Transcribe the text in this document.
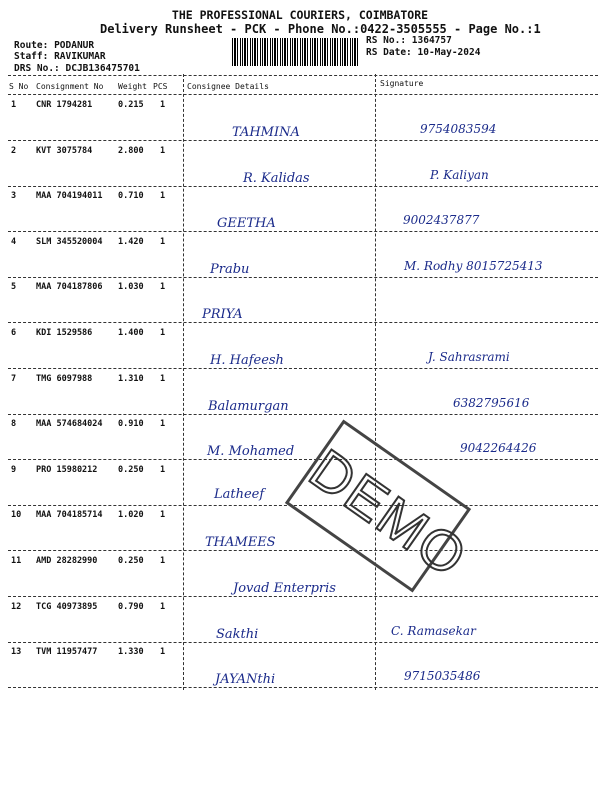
THE PROFESSIONAL COURIERS, COIMBATORE
Delivery Runsheet - PCK - Phone No.:0422-3505555 - Page No.:1
Route: PODANUR
Staff: RAVIKUMAR
DRS No.: DCJB136475701
RS No.: 1364757
RS Date: 10-May-2024
S No Consignment No Weight PCS Consignee Details	Signature
1 CNR 1794281	0.215 1
TAHMINA	9754083594
2 KVT 3075784	2.800 1
R. Kalidas	P. Kaliyan
3 MAA 704194011 0.710 1
GEETHA	9002437877
4 SLM 345520004 1.420 1
Prabu	M. Rodhy 8015725413
5 MAA 704187806 1.030 1
PRIYA
6 KDI 1529586	1.400 1
H. Hafeesh	J. Sahrasrami
7 TMG 6097988	1.310 1
Balamurgan	6382795616
8 MAA 574684024 0.910 1
M. Mohamed	9042264426
9 PRO 15980212 0.250 1
Latheef
10 MAA 704185714 1.020 1
THAMEES
11 AMD 28282990 0.250 1
Jovad Enterpris
12 TCG 40973895 0.790 1
Sakthi	C. Ramasekar
13 TVM 11957477 1.330 1
JAYANthi	9715035486
DEMO
